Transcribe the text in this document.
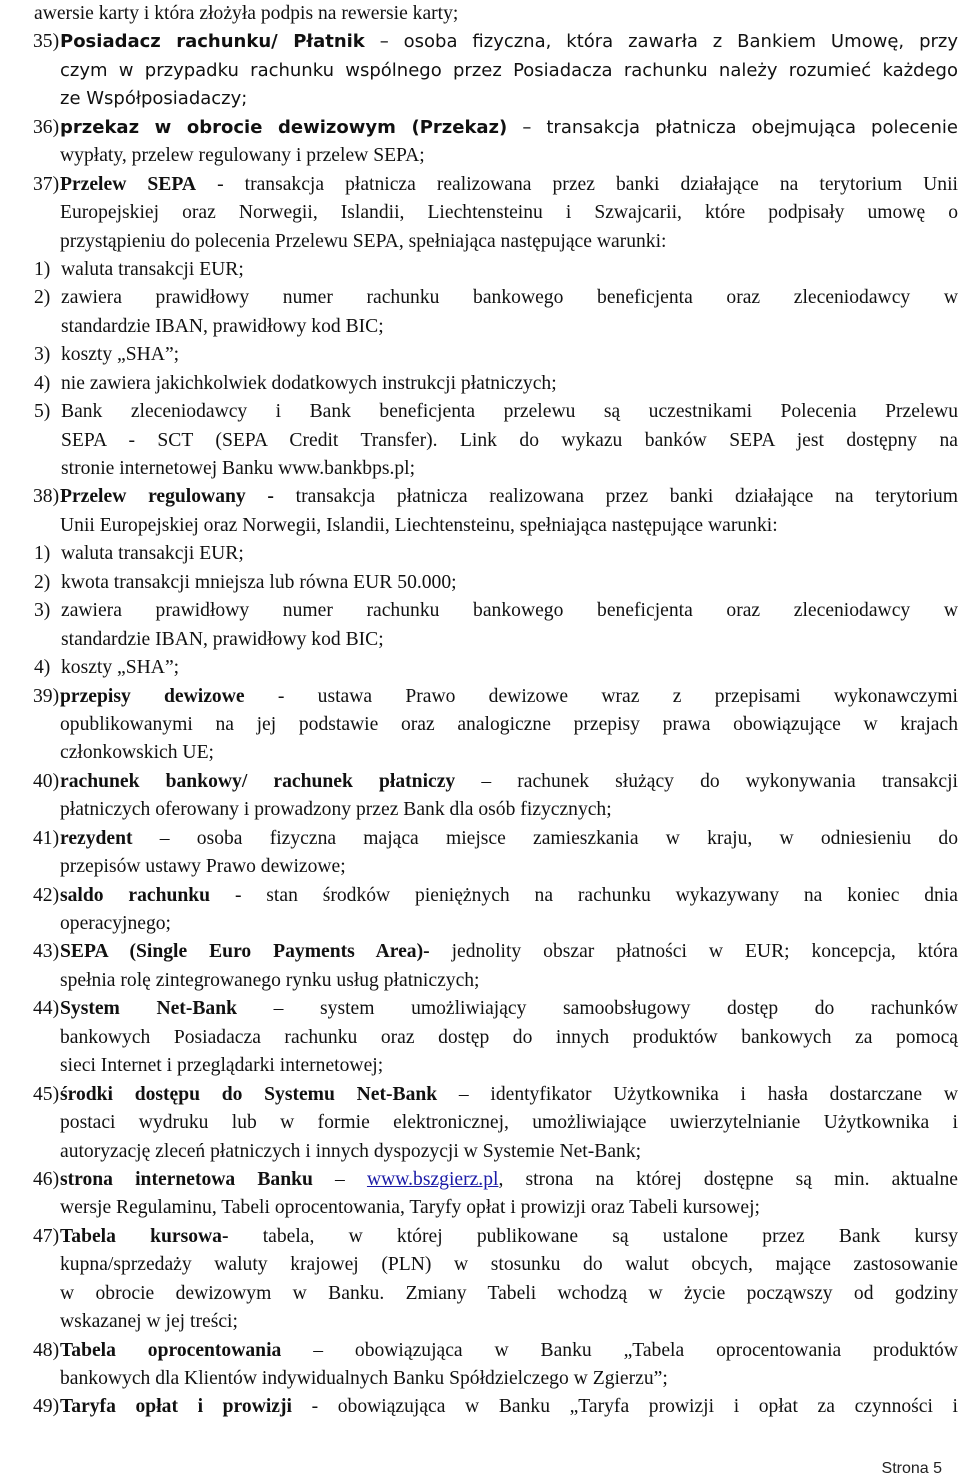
awersie karty i która złożyła podpis na rewersie karty;
35)Posiadacz rachunku/ Płatnik – osoba fizyczna, która zawarła z Bankiem Umowę, przy
czym w przypadku rachunku wspólnego przez Posiadacza rachunku należy rozumieć każdego
ze Współposiadaczy;
36)przekaz w obrocie dewizowym (Przekaz) – transakcja płatnicza obejmująca polecenie
wypłaty, przelew regulowany i przelew SEPA;
37)Przelew SEPA - transakcja płatnicza realizowana przez banki działające na terytorium Unii
Europejskiej oraz Norwegii, Islandii, Liechtensteinu i Szwajcarii, które podpisały umowę o
przystąpieniu do polecenia Przelewu SEPA, spełniająca następujące warunki:
1) waluta transakcji EUR;
2) zawiera prawidłowy numer rachunku bankowego beneficjenta oraz zleceniodawcy w
standardzie IBAN, prawidłowy kod BIC;
3) koszty „SHA”;
4) nie zawiera jakichkolwiek dodatkowych instrukcji płatniczych;
5) Bank zleceniodawcy i Bank beneficjenta przelewu są uczestnikami Polecenia Przelewu
SEPA - SCT (SEPA Credit Transfer). Link do wykazu banków SEPA jest dostępny na
stronie internetowej Banku www.bankbps.pl;
38)Przelew regulowany - transakcja płatnicza realizowana przez banki działające na terytorium
Unii Europejskiej oraz Norwegii, Islandii, Liechtensteinu, spełniająca następujące warunki:
1) waluta transakcji EUR;
2) kwota transakcji mniejsza lub równa EUR 50.000;
3) zawiera prawidłowy numer rachunku bankowego beneficjenta oraz zleceniodawcy w
standardzie IBAN, prawidłowy kod BIC;
4) koszty „SHA”;
39)przepisy dewizowe - ustawa Prawo dewizowe wraz z przepisami wykonawczymi
opublikowanymi na jej podstawie oraz analogiczne przepisy prawa obowiązujące w krajach
członkowskich UE;
40)rachunek bankowy/ rachunek płatniczy – rachunek służący do wykonywania transakcji
płatniczych oferowany i prowadzony przez Bank dla osób fizycznych;
41)rezydent – osoba fizyczna mająca miejsce zamieszkania w kraju, w odniesieniu do
przepisów ustawy Prawo dewizowe;
42)saldo rachunku - stan środków pieniężnych na rachunku wykazywany na koniec dnia
operacyjnego;
43)SEPA (Single Euro Payments Area)- jednolity obszar płatności w EUR; koncepcja, która
spełnia rolę zintegrowanego rynku usług płatniczych;
44)System Net-Bank – system umożliwiający samoobsługowy dostęp do rachunków
bankowych Posiadacza rachunku oraz dostęp do innych produktów bankowych za pomocą
sieci Internet i przeglądarki internetowej;
45)środki dostępu do Systemu Net-Bank – identyfikator Użytkownika i hasła dostarczane w
postaci wydruku lub w formie elektronicznej, umożliwiające uwierzytelnianie Użytkownika i
autoryzację zleceń płatniczych i innych dyspozycji w Systemie Net-Bank;
46)strona internetowa Banku – www.bszgierz.pl, strona na której dostępne są min. aktualne
wersje Regulaminu, Tabeli oprocentowania, Taryfy opłat i prowizji oraz Tabeli kursowej;
47)Tabela kursowa- tabela, w której publikowane są ustalone przez Bank kursy
kupna/sprzedaży waluty krajowej (PLN) w stosunku do walut obcych, mające zastosowanie
w obrocie dewizowym w Banku. Zmiany Tabeli wchodzą w życie począwszy od godziny
wskazanej w jej treści;
48)Tabela oprocentowania – obowiązująca w Banku „Tabela oprocentowania produktów
bankowych dla Klientów indywidualnych Banku Spółdzielczego w Zgierzu”;
49)Taryfa opłat i prowizji - obowiązująca w Banku „Taryfa prowizji i opłat za czynności i
Strona 5
